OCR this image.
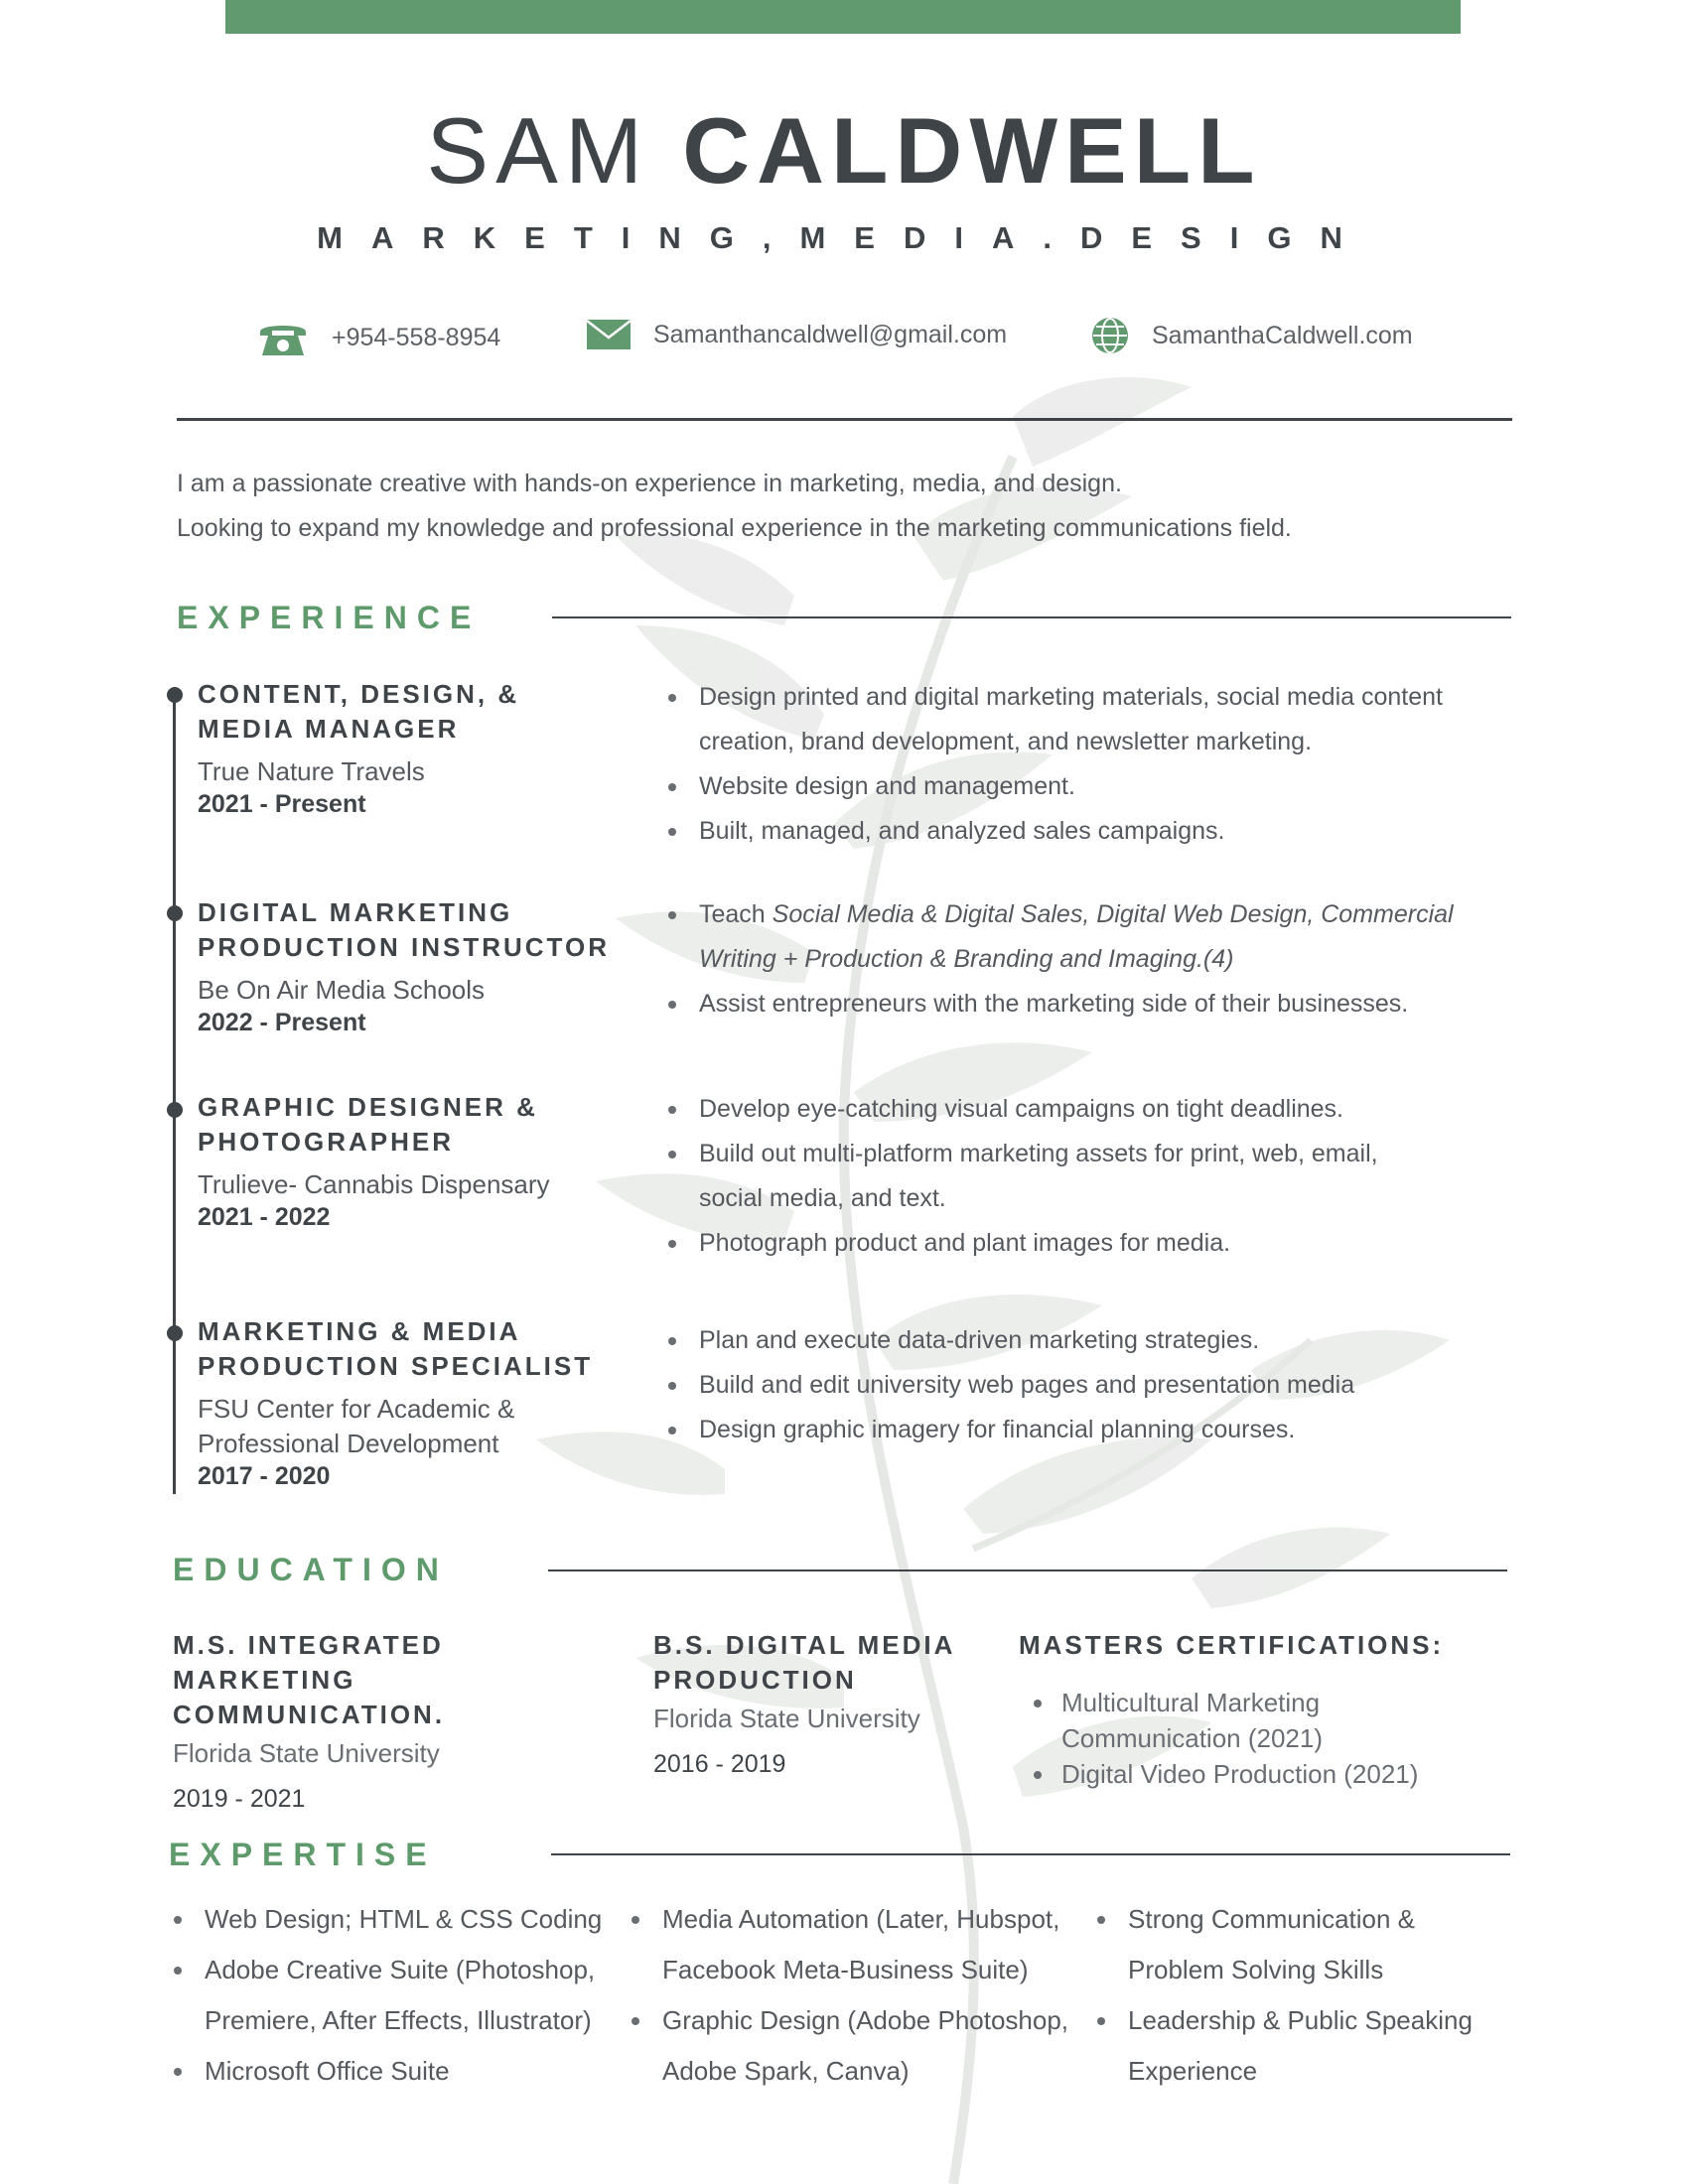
SAM CALDWELL
MARKETING,MEDIA.DESIGN
+954-558-8954	Samanthancaldwell@gmail.com	SamanthaCaldwell.com
I am a passionate creative with hands-on experience in marketing, media, and design.
Looking to expand my knowledge and professional experience in the marketing communications field.
EXPERIENCE
CONTENT, DESIGN, &
MEDIA MANAGER
True Nature Travels
2021 - Present
Design printed and digital marketing materials, social media content
creation, brand development, and newsletter marketing.
Website design and management.
Built, managed, and analyzed sales campaigns.
DIGITAL MARKETING
PRODUCTION INSTRUCTOR
Be On Air Media Schools
2022 - Present
Teach Social Media & Digital Sales, Digital Web Design, Commercial
Writing + Production & Branding and Imaging.(4)
Assist entrepreneurs with the marketing side of their businesses.
GRAPHIC DESIGNER &
PHOTOGRAPHER
Trulieve- Cannabis Dispensary
2021 - 2022
Develop eye-catching visual campaigns on tight deadlines.
Build out multi-platform marketing assets for print, web, email,
social media, and text.
Photograph product and plant images for media.
MARKETING & MEDIA
PRODUCTION SPECIALIST
FSU Center for Academic &
Professional Development
2017 - 2020
Plan and execute data-driven marketing strategies.
Build and edit university web pages and presentation media
Design graphic imagery for financial planning courses.
EDUCATION
M.S. INTEGRATED MARKETING
COMMUNICATION.
Florida State University
2019 - 2021
B.S. DIGITAL MEDIA
PRODUCTION
Florida State University
2016 - 2019
MASTERS CERTIFICATIONS:
Multicultural Marketing
Communication (2021)
Digital Video Production (2021)
EXPERTISE
Web Design; HTML & CSS Coding
Adobe Creative Suite (Photoshop,
Premiere, After Effects, Illustrator)
Microsoft Office Suite
Media Automation (Later, Hubspot,
Facebook Meta-Business Suite)
Graphic Design (Adobe Photoshop,
Adobe Spark, Canva)
Strong Communication &
Problem Solving Skills
Leadership & Public Speaking
Experience
